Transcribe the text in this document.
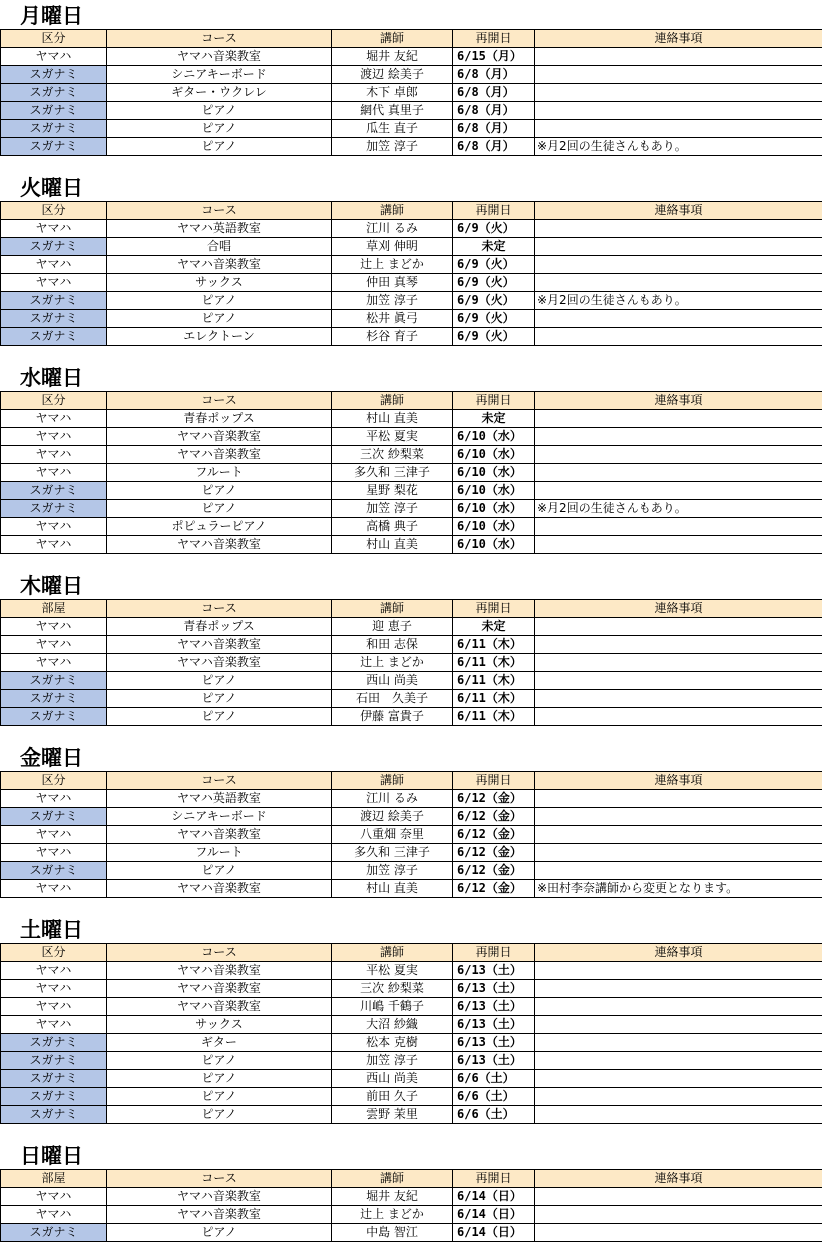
月曜日
区分	コース	講師	再開日	連絡事項
ヤマハ	ヤマハ音楽教室	堀井 友紀	6/15（月）	
スガナミ	シニアキーボード	渡辺 絵美子	6/8（月）	
スガナミ	ギター・ウクレレ	木下 卓郎	6/8（月）	
スガナミ	ピアノ	網代 真里子	6/8（月）	
スガナミ	ピアノ	瓜生 直子	6/8（月）	
スガナミ	ピアノ	加笠 淳子	6/8（月）	※月2回の生徒さんもあり。
火曜日
区分	コース	講師	再開日	連絡事項
ヤマハ	ヤマハ英語教室	江川 るみ	6/9（火）	
スガナミ	合唱	草刈 伸明	未定	
ヤマハ	ヤマハ音楽教室	辻上 まどか	6/9（火）	
ヤマハ	サックス	仲田 真琴	6/9（火）	
スガナミ	ピアノ	加笠 淳子	6/9（火）	※月2回の生徒さんもあり。
スガナミ	ピアノ	松井 眞弓	6/9（火）	
スガナミ	エレクトーン	杉谷 育子	6/9（火）	
水曜日
区分	コース	講師	再開日	連絡事項
ヤマハ	青春ポップス	村山 直美	未定	
ヤマハ	ヤマハ音楽教室	平松 夏実	6/10（水）	
ヤマハ	ヤマハ音楽教室	三次 紗梨菜	6/10（水）	
ヤマハ	フルート	多久和 三津子	6/10（水）	
スガナミ	ピアノ	星野 梨花	6/10（水）	
スガナミ	ピアノ	加笠 淳子	6/10（水）	※月2回の生徒さんもあり。
ヤマハ	ポピュラーピアノ	高橋 典子	6/10（水）	
ヤマハ	ヤマハ音楽教室	村山 直美	6/10（水）	
木曜日
部屋	コース	講師	再開日	連絡事項
ヤマハ	青春ポップス	迎 恵子	未定	
ヤマハ	ヤマハ音楽教室	和田 志保	6/11（木）	
ヤマハ	ヤマハ音楽教室	辻上 まどか	6/11（木）	
スガナミ	ピアノ	西山 尚美	6/11（木）	
スガナミ	ピアノ	石田　久美子	6/11（木）	
スガナミ	ピアノ	伊藤 富貴子	6/11（木）	
金曜日
区分	コース	講師	再開日	連絡事項
ヤマハ	ヤマハ英語教室	江川 るみ	6/12（金）	
スガナミ	シニアキーボード	渡辺 絵美子	6/12（金）	
ヤマハ	ヤマハ音楽教室	八重畑 奈里	6/12（金）	
ヤマハ	フルート	多久和 三津子	6/12（金）	
スガナミ	ピアノ	加笠 淳子	6/12（金）	
ヤマハ	ヤマハ音楽教室	村山 直美	6/12（金）	※田村李奈講師から変更となります。
土曜日
区分	コース	講師	再開日	連絡事項
ヤマハ	ヤマハ音楽教室	平松 夏実	6/13（土）	
ヤマハ	ヤマハ音楽教室	三次 紗梨菜	6/13（土）	
ヤマハ	ヤマハ音楽教室	川嶋 千鶴子	6/13（土）	
ヤマハ	サックス	大沼 紗織	6/13（土）	
スガナミ	ギター	松本 克樹	6/13（土）	
スガナミ	ピアノ	加笠 淳子	6/13（土）	
スガナミ	ピアノ	西山 尚美	6/6（土）	
スガナミ	ピアノ	前田 久子	6/6（土）	
スガナミ	ピアノ	雲野 茉里	6/6（土）	
日曜日
部屋	コース	講師	再開日	連絡事項
ヤマハ	ヤマハ音楽教室	堀井 友紀	6/14（日）	
ヤマハ	ヤマハ音楽教室	辻上 まどか	6/14（日）	
スガナミ	ピアノ	中島 智江	6/14（日）	
